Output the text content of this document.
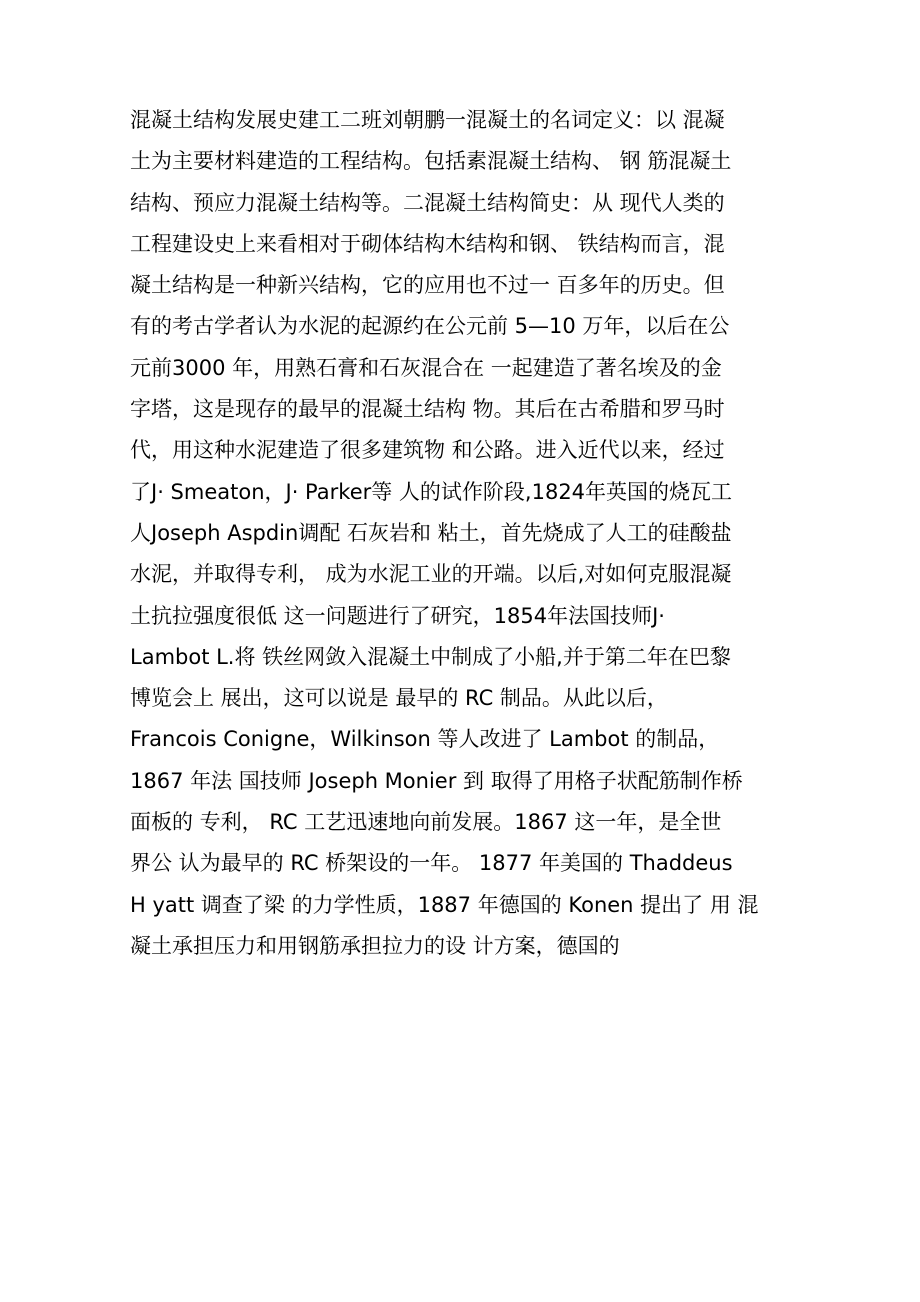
混凝土结构发展史建工二班刘朝鹏一混凝土的名词定义：以 混凝
土为主要材料建造的工程结构。包括素混凝土结构、 钢 筋混凝土
结构、预应力混凝土结构等。二混凝土结构简史：从 现代人类的
工程建设史上来看相对于砌体结构木结构和钢、 铁结构而言，混
凝土结构是一种新兴结构，它的应用也不过一 百多年的历史。但
有的考古学者认为水泥的起源约在公元前 5—10 万年，以后在公
元前3000 年，用熟石膏和石灰混合在 一起建造了著名埃及的金
字塔，这是现存的最早的混凝土结构 物。其后在古希腊和罗马时
代，用这种水泥建造了很多建筑物 和公路。进入近代以来，经过
了J· Smeaton，J· Parker等 人的试作阶段,1824年英国的烧瓦工
人Joseph Aspdin调配 石灰岩和 粘土，首先烧成了人工的硅酸盐
水泥，并取得专利， 成为水泥工业的开端。以后,对如何克服混凝
土抗拉强度很低 这一问题进行了研究，1854年法国技师J·
Lambot L.将 铁丝网敛入混凝土中制成了小船,并于第二年在巴黎
博览会上 展出，这可以说是 最早的 RC 制品。从此以后，
Francois Conigne，Wilkinson 等人改进了 Lambot 的制品，
1867 年法 国技师 Joseph Monier 到 取得了用格子状配筋制作桥
面板的 专利， RC 工艺迅速地向前发展。1867 这一年，是全世
界公 认为最早的 RC 桥架设的一年。 1877 年美国的 Thaddeus
H yatt 调查了梁 的力学性质，1887 年德国的 Konen 提出了 用 混
凝土承担压力和用钢筋承担拉力的设 计方案，德国的
